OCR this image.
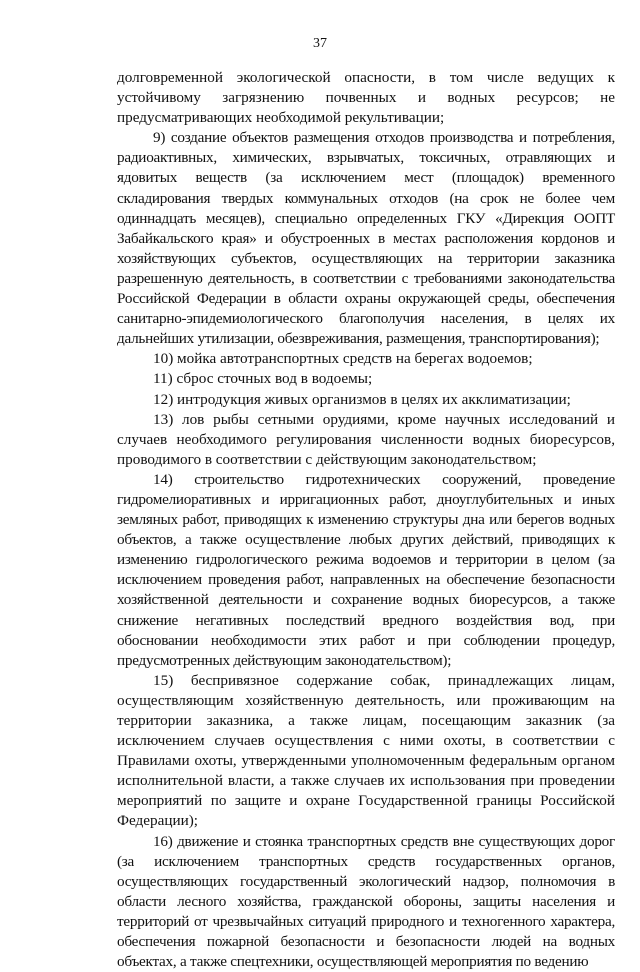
37

долговременной экологической опасности, в том числе ведущих к устойчивому загрязнению почвенных и водных ресурсов; не предусматривающих необходимой рекультивации;

9) создание объектов размещения отходов производства и потребления, радиоактивных, химических, взрывчатых, токсичных, отравляющих и ядовитых веществ (за исключением мест (площадок) временного складирования твердых коммунальных отходов (на срок не более чем одиннадцать месяцев), специально определенных ГКУ «Дирекция ООПТ Забайкальского края» и обустроенных в местах расположения кордонов и хозяйствующих субъектов, осуществляющих на территории заказника разрешенную деятельность, в соответствии с требованиями законодательства Российской Федерации в области охраны окружающей среды, обеспечения санитарно-эпидемиологического благополучия населения, в целях их дальнейших утилизации, обезвреживания, размещения, транспортирования);

10) мойка автотранспортных средств на берегах водоемов;

11) сброс сточных вод в водоемы;

12) интродукция живых организмов в целях их акклиматизации;

13) лов рыбы сетными орудиями, кроме научных исследований и случаев необходимого регулирования численности водных биоресурсов, проводимого в соответствии с действующим законодательством;

14) строительство гидротехнических сооружений, проведение гидромелиоративных и ирригационных работ, дноуглубительных и иных земляных работ, приводящих к изменению структуры дна или берегов водных объектов, а также осуществление любых других действий, приводящих к изменению гидрологического режима водоемов и территории в целом (за исключением проведения работ, направленных на обеспечение безопасности хозяйственной деятельности и сохранение водных биоресурсов, а также снижение негативных последствий вредного воздействия вод, при обосновании необходимости этих работ и при соблюдении процедур, предусмотренных действующим законодательством);

15) беспривязное содержание собак, принадлежащих лицам, осуществляющим хозяйственную деятельность, или проживающим на территории заказника, а также лицам, посещающим заказник (за исключением случаев осуществления с ними охоты, в соответствии с Правилами охоты, утвержденными уполномоченным федеральным органом исполнительной власти, а также случаев их использования при проведении мероприятий по защите и охране Государственной границы Российской Федерации);

16) движение и стоянка транспортных средств вне существующих дорог (за исключением транспортных средств государственных органов, осуществляющих государственный экологический надзор, полномочия в области лесного хозяйства, гражданской обороны, защиты населения и территорий от чрезвычайных ситуаций природного и техногенного характера, обеспечения пожарной безопасности и безопасности людей на водных объектах, а также спецтехники, осуществляющей мероприятия по ведению
